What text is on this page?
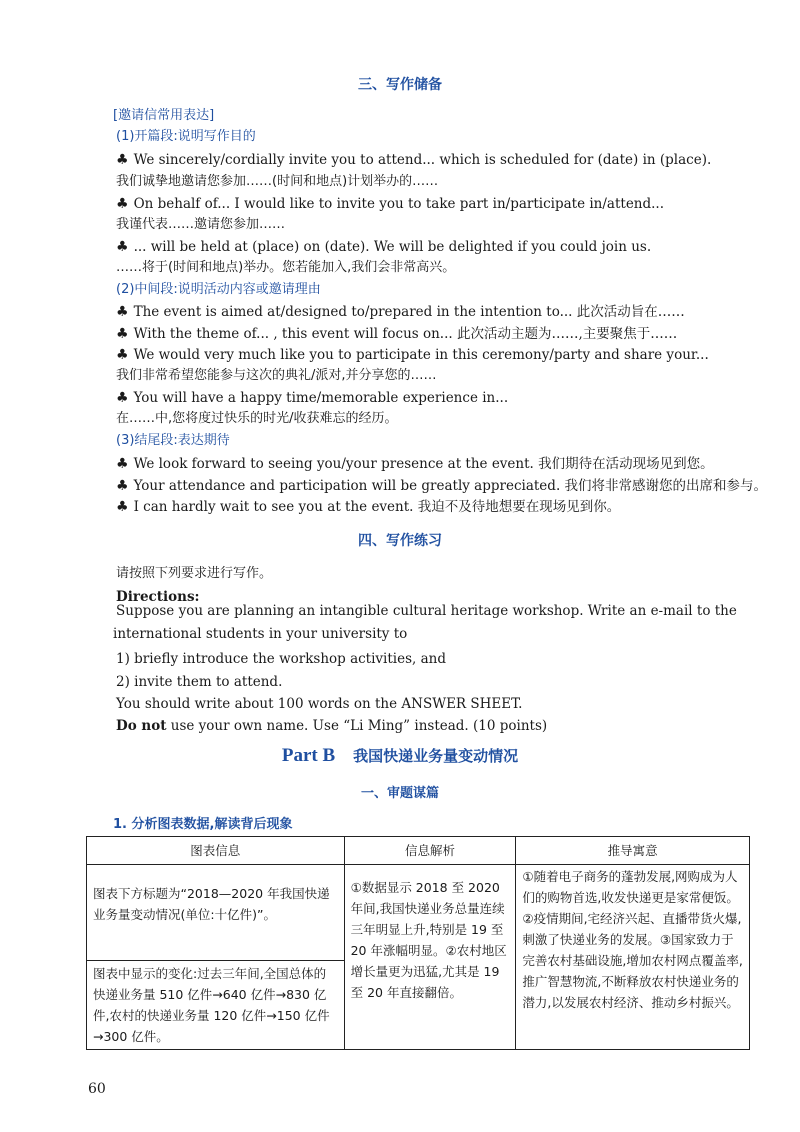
三、写作储备
[邀请信常用表达]
(1)开篇段:说明写作目的
♣ We sincerely/cordially invite you to attend... which is scheduled for (date) in (place).
我们诚挚地邀请您参加……(时间和地点)计划举办的……
♣ On behalf of... I would like to invite you to take part in/participate in/attend...
我谨代表……邀请您参加……
♣ ... will be held at (place) on (date). We will be delighted if you could join us.
……将于(时间和地点)举办。您若能加入,我们会非常高兴。
(2)中间段:说明活动内容或邀请理由
♣ The event is aimed at/designed to/prepared in the intention to... 此次活动旨在……
♣ With the theme of... , this event will focus on... 此次活动主题为……,主要聚焦于……
♣ We would very much like you to participate in this ceremony/party and share your...
我们非常希望您能参与这次的典礼/派对,并分享您的……
♣ You will have a happy time/memorable experience in...
在……中,您将度过快乐的时光/收获难忘的经历。
(3)结尾段:表达期待
♣ We look forward to seeing you/your presence at the event. 我们期待在活动现场见到您。
♣ Your attendance and participation will be greatly appreciated. 我们将非常感谢您的出席和参与。
♣ I can hardly wait to see you at the event. 我迫不及待地想要在现场见到你。
四、写作练习
请按照下列要求进行写作。
Directions:
Suppose you are planning an intangible cultural heritage workshop. Write an e-mail to the international students in your university to
1) briefly introduce the workshop activities, and
2) invite them to attend.
You should write about 100 words on the ANSWER SHEET.
Do not use your own name. Use “Li Ming” instead. (10 points)
Part B 我国快递业务量变动情况
一、审题谋篇
1. 分析图表数据,解读背后现象
图表信息	信息解析	推导寓意
图表下方标题为“2018—2020 年我国快递业务量变动情况(单位:十亿件)”。	①数据显示 2018 至 2020 年间,我国快递业务总量连续三年明显上升,特别是 19 至 20 年涨幅明显。②农村地区增长量更为迅猛,尤其是 19 至 20 年直接翻倍。	①随着电子商务的蓬勃发展,网购成为人们的购物首选,收发快递更是家常便饭。②疫情期间,宅经济兴起、直播带货火爆,刺激了快递业务的发展。③国家致力于完善农村基础设施,增加农村网点覆盖率,推广智慧物流,不断释放农村快递业务的潜力,以发展农村经济、推动乡村振兴。
图表中显示的变化:过去三年间,全国总体的快递业务量 510 亿件→640 亿件→830 亿件,农村的快递业务量 120 亿件→150 亿件→300 亿件。		
60
